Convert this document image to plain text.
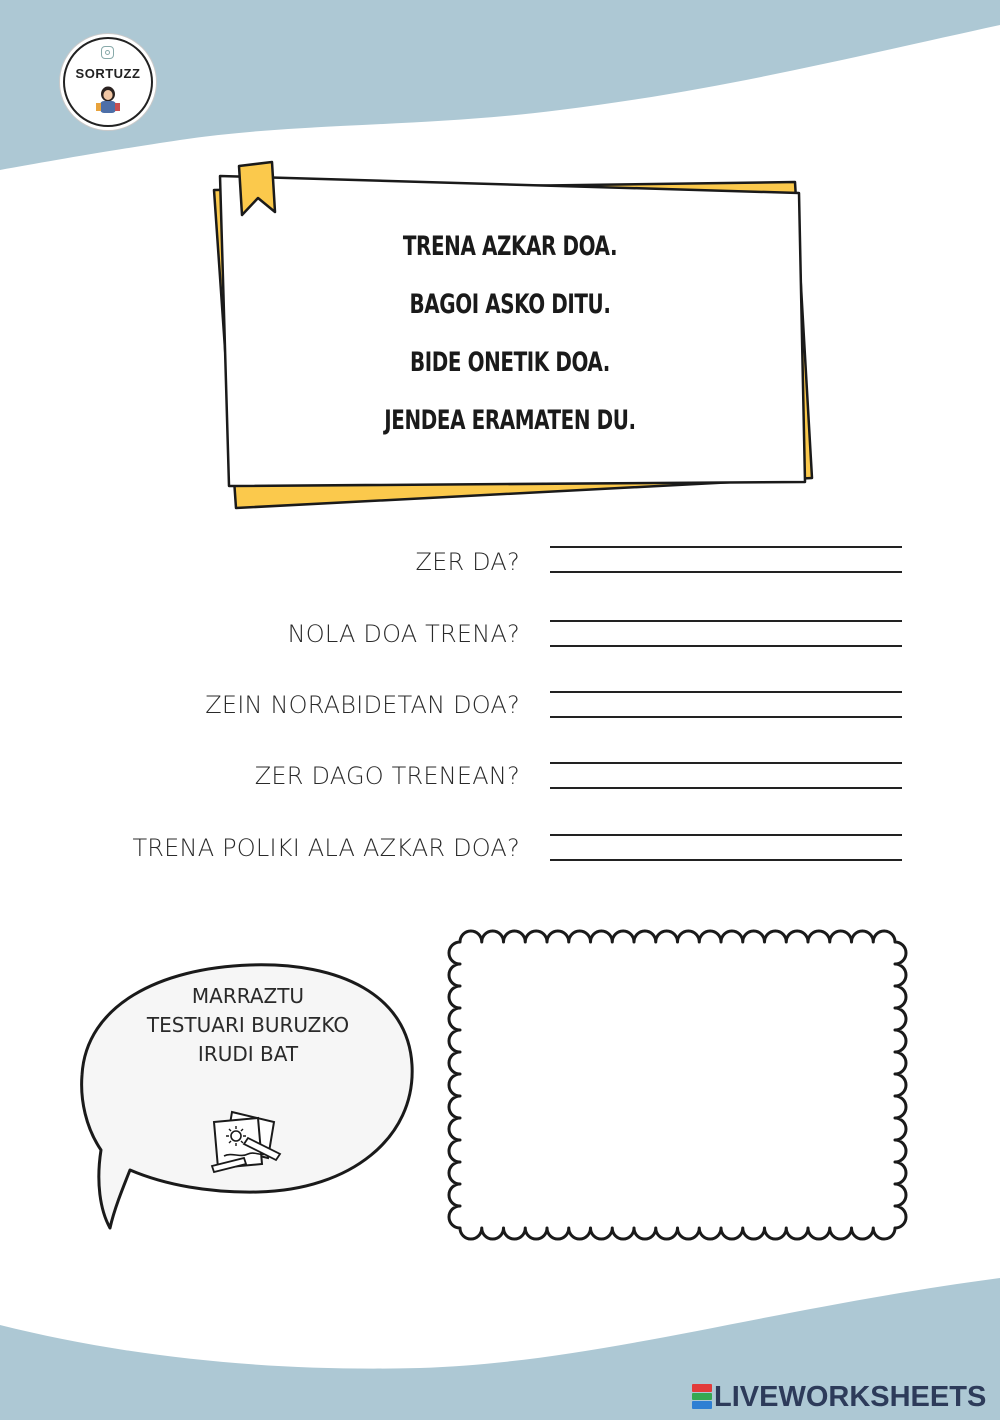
SORTUZZ
TRENA AZKAR DOA.
BAGOI ASKO DITU.
BIDE ONETIK DOA.
JENDEA ERAMATEN DU.
ZER DA?
NOLA DOA TRENA?
ZEIN NORABIDETAN DOA?
ZER DAGO TRENEAN?
TRENA POLIKI ALA AZKAR DOA?
MARRAZTU
TESTUARI BURUZKO
IRUDI BAT
LIVEWORKSHEETS
